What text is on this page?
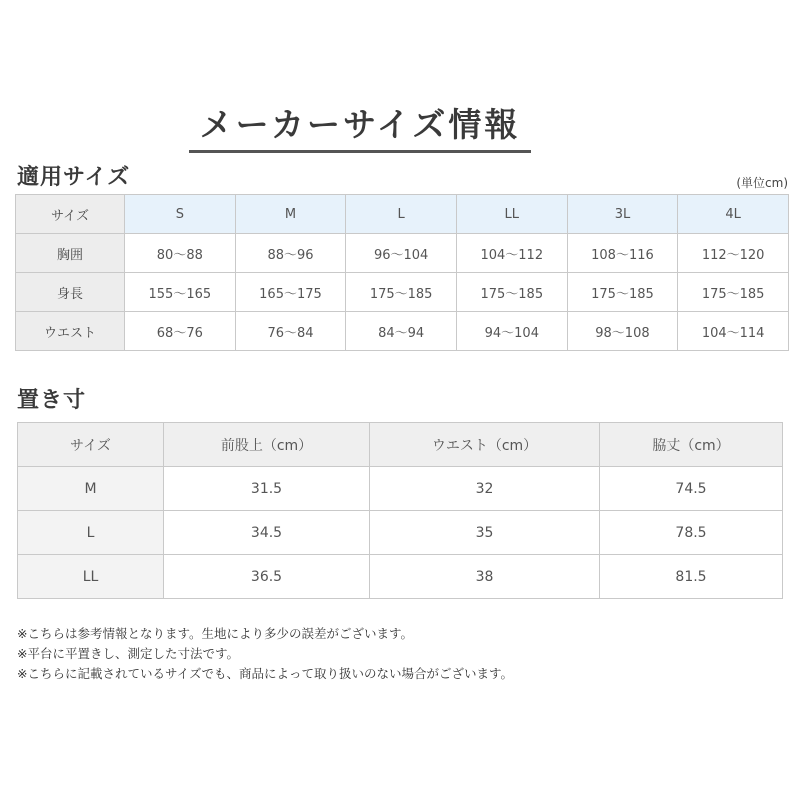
メーカーサイズ情報
適用サイズ	(単位cm)
サイズ	S	M	L	LL	3L	4L
胸囲	80～88	88～96	96～104	104～112	108～116	112～120
身長	155～165	165～175	175～185	175～185	175～185	175～185
ウエスト	68～76	76～84	84～94	94～104	98～108	104～114
置き寸
サイズ	前股上（cm）	ウエスト（cm）	脇丈（cm）
M	31.5	32	74.5
L	34.5	35	78.5
LL	36.5	38	81.5
※こちらは参考情報となります。生地により多少の誤差がございます。
※平台に平置きし、測定した寸法です。
※こちらに記載されているサイズでも、商品によって取り扱いのない場合がございます。
